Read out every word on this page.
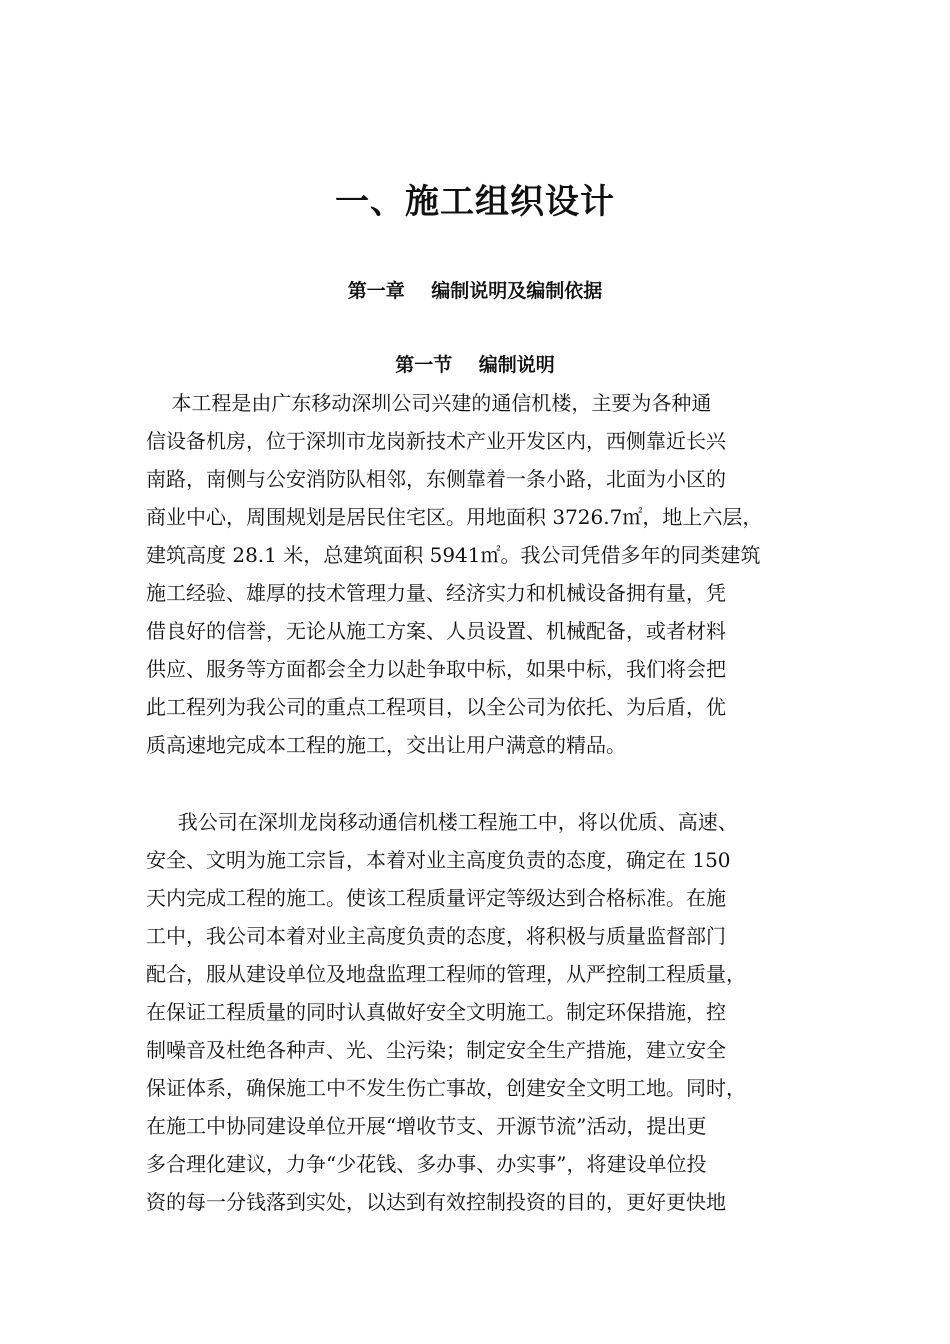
一、施工组织设计
第一章    编制说明及编制依据
第一节    编制说明

本工程是由广东移动深圳公司兴建的通信机楼，主要为各种通
信设备机房，位于深圳市龙岗新技术产业开发区内，西侧靠近长兴
南路，南侧与公安消防队相邻，东侧靠着一条小路，北面为小区的
商业中心，周围规划是居民住宅区。用地面积 3726.7㎡，地上六层，
建筑高度 28.1 米，总建筑面积 5941㎡。我公司凭借多年的同类建筑
施工经验、雄厚的技术管理力量、经济实力和机械设备拥有量，凭
借良好的信誉，无论从施工方案、人员设置、机械配备，或者材料
供应、服务等方面都会全力以赴争取中标，如果中标，我们将会把
此工程列为我公司的重点工程项目，以全公司为依托、为后盾，优
质高速地完成本工程的施工，交出让用户满意的精品。

我公司在深圳龙岗移动通信机楼工程施工中，将以优质、高速、
安全、文明为施工宗旨，本着对业主高度负责的态度，确定在 150
天内完成工程的施工。使该工程质量评定等级达到合格标准。在施
工中，我公司本着对业主高度负责的态度，将积极与质量监督部门
配合，服从建设单位及地盘监理工程师的管理，从严控制工程质量，
在保证工程质量的同时认真做好安全文明施工。制定环保措施，控
制噪音及杜绝各种声、光、尘污染；制定安全生产措施，建立安全
保证体系，确保施工中不发生伤亡事故，创建安全文明工地。同时，
在施工中协同建设单位开展“增收节支、开源节流”活动，提出更
多合理化建议，力争“少花钱、多办事、办实事”，将建设单位投
资的每一分钱落到实处，以达到有效控制投资的目的，更好更快地
